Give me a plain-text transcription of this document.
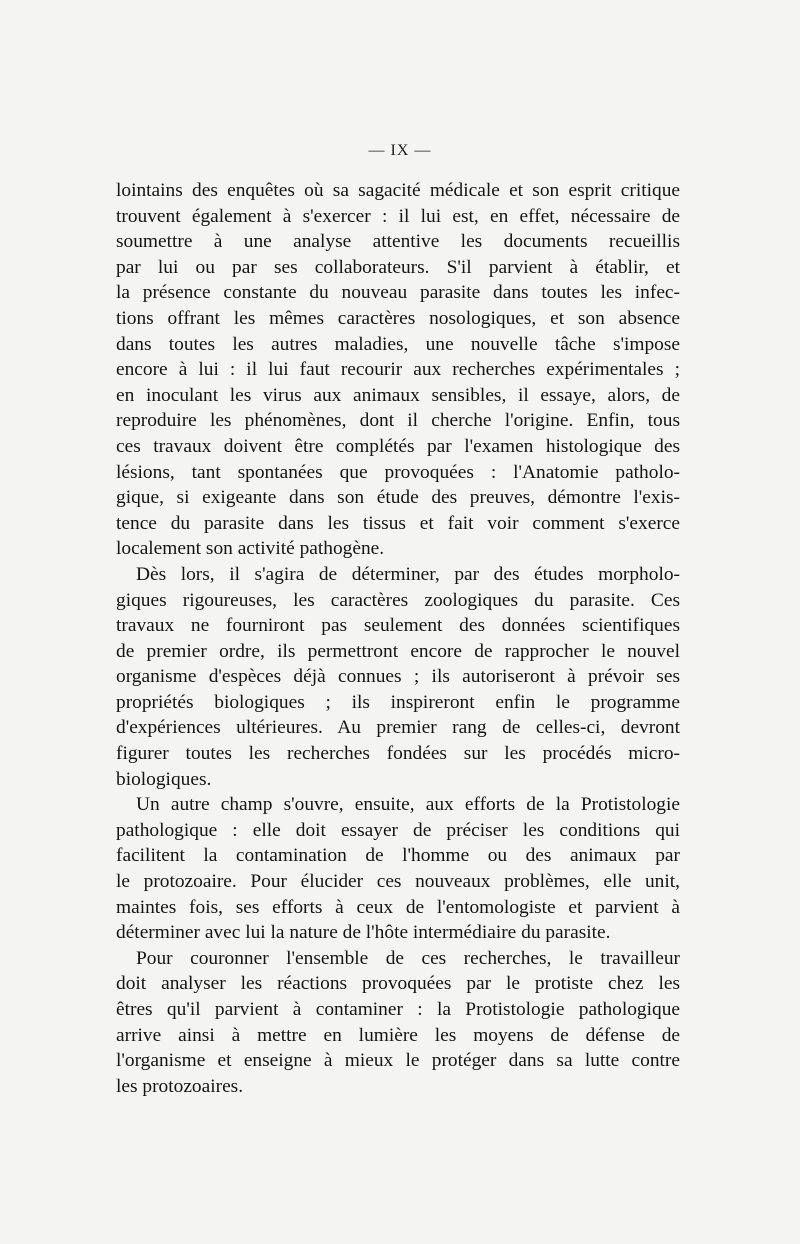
— IX —

lointains des enquêtes où sa sagacité médicale et son esprit critique
trouvent également à s'exercer : il lui est, en effet, nécessaire de
soumettre à une analyse attentive les documents recueillis
par lui ou par ses collaborateurs. S'il parvient à établir, et
la présence constante du nouveau parasite dans toutes les infec-
tions offrant les mêmes caractères nosologiques, et son absence
dans toutes les autres maladies, une nouvelle tâche s'impose
encore à lui : il lui faut recourir aux recherches expérimentales ;
en inoculant les virus aux animaux sensibles, il essaye, alors, de
reproduire les phénomènes, dont il cherche l'origine. Enfin, tous
ces travaux doivent être complétés par l'examen histologique des
lésions, tant spontanées que provoquées : l'Anatomie patholo-
gique, si exigeante dans son étude des preuves, démontre l'exis-
tence du parasite dans les tissus et fait voir comment s'exerce
localement son activité pathogène.

Dès lors, il s'agira de déterminer, par des études morpholo-
giques rigoureuses, les caractères zoologiques du parasite. Ces
travaux ne fourniront pas seulement des données scientifiques
de premier ordre, ils permettront encore de rapprocher le nouvel
organisme d'espèces déjà connues ; ils autoriseront à prévoir ses
propriétés biologiques ; ils inspireront enfin le programme
d'expériences ultérieures. Au premier rang de celles-ci, devront
figurer toutes les recherches fondées sur les procédés micro-
biologiques.

Un autre champ s'ouvre, ensuite, aux efforts de la Protistologie
pathologique : elle doit essayer de préciser les conditions qui
facilitent la contamination de l'homme ou des animaux par
le protozoaire. Pour élucider ces nouveaux problèmes, elle unit,
maintes fois, ses efforts à ceux de l'entomologiste et parvient à
déterminer avec lui la nature de l'hôte intermédiaire du parasite.

Pour couronner l'ensemble de ces recherches, le travailleur
doit analyser les réactions provoquées par le protiste chez les
êtres qu'il parvient à contaminer : la Protistologie pathologique
arrive ainsi à mettre en lumière les moyens de défense de
l'organisme et enseigne à mieux le protéger dans sa lutte contre
les protozoaires.
